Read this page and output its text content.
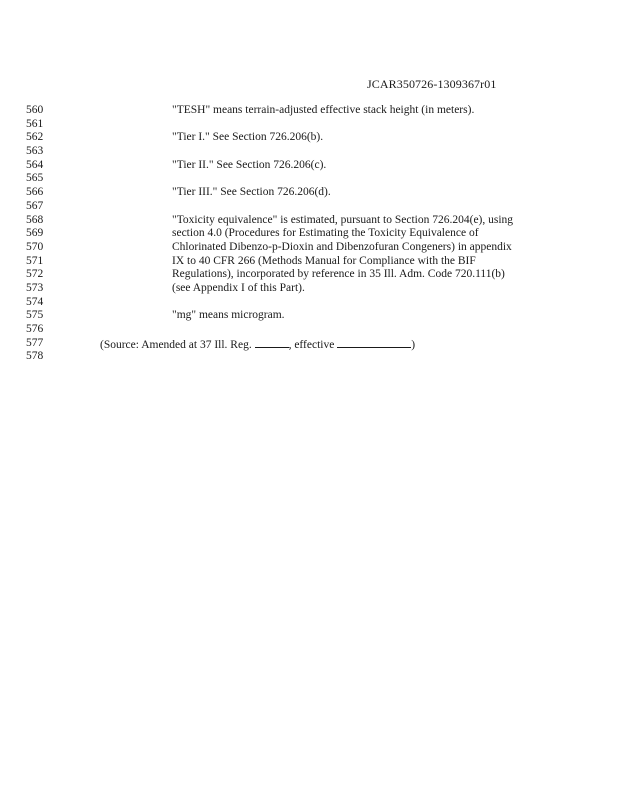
JCAR350726-1309367r01
560	"TESH" means terrain-adjusted effective stack height (in meters).
561
562	"Tier I." See Section 726.206(b).
563
564	"Tier II." See Section 726.206(c).
565
566	"Tier III." See Section 726.206(d).
567
568	"Toxicity equivalence" is estimated, pursuant to Section 726.204(e), using
569	section 4.0 (Procedures for Estimating the Toxicity Equivalence of
570	Chlorinated Dibenzo-p-Dioxin and Dibenzofuran Congeners) in appendix
571	IX to 40 CFR 266 (Methods Manual for Compliance with the BIF
572	Regulations), incorporated by reference in 35 Ill. Adm. Code 720.111(b)
573	(see Appendix I of this Part).
574
575	"mg" means microgram.
576
577	(Source: Amended at 37 Ill. Reg.	, effective	)
578
